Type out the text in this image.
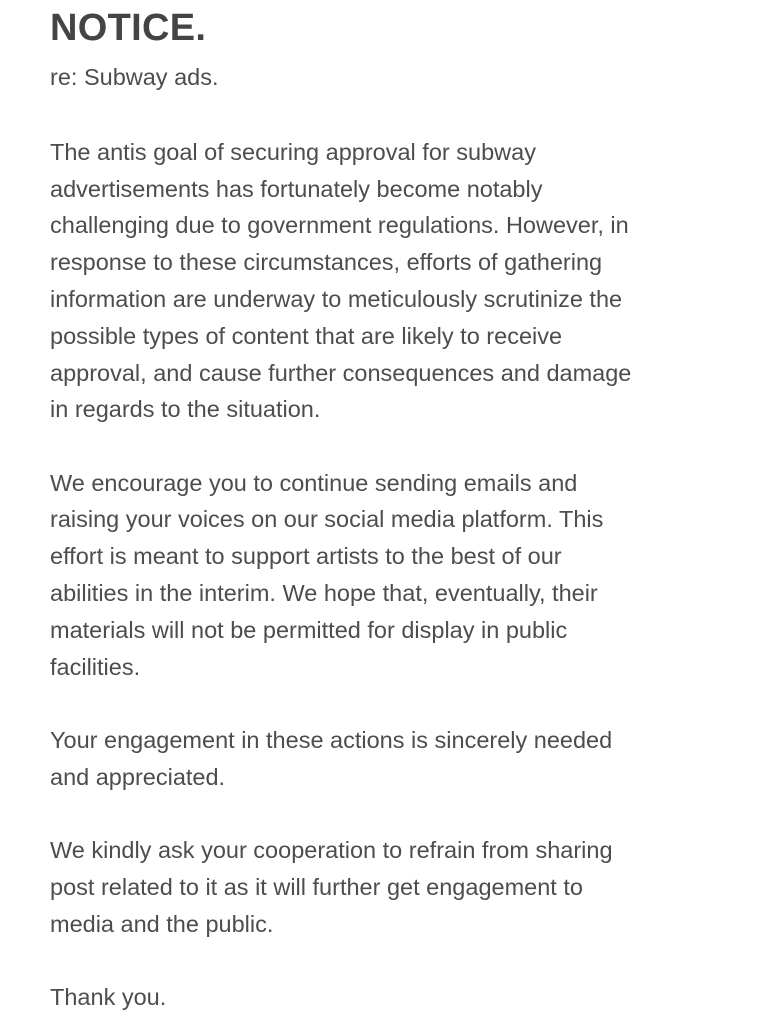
NOTICE.

re: Subway ads.

The antis goal of securing approval for subway

advertisements has fortunately become notably

challenging due to government regulations. However, in

response to these circumstances, efforts of gathering

information are underway to meticulously scrutinize the

possible types of content that are likely to receive

approval, and cause further consequences and damage

in regards to the situation.

We encourage you to continue sending emails and

raising your voices on our social media platform. This

effort is meant to support artists to the best of our

abilities in the interim. We hope that, eventually, their

materials will not be permitted for display in public

facilities.

Your engagement in these actions is sincerely needed

and appreciated.

We kindly ask your cooperation to refrain from sharing

post related to it as it will further get engagement to

media and the public.

Thank you.
